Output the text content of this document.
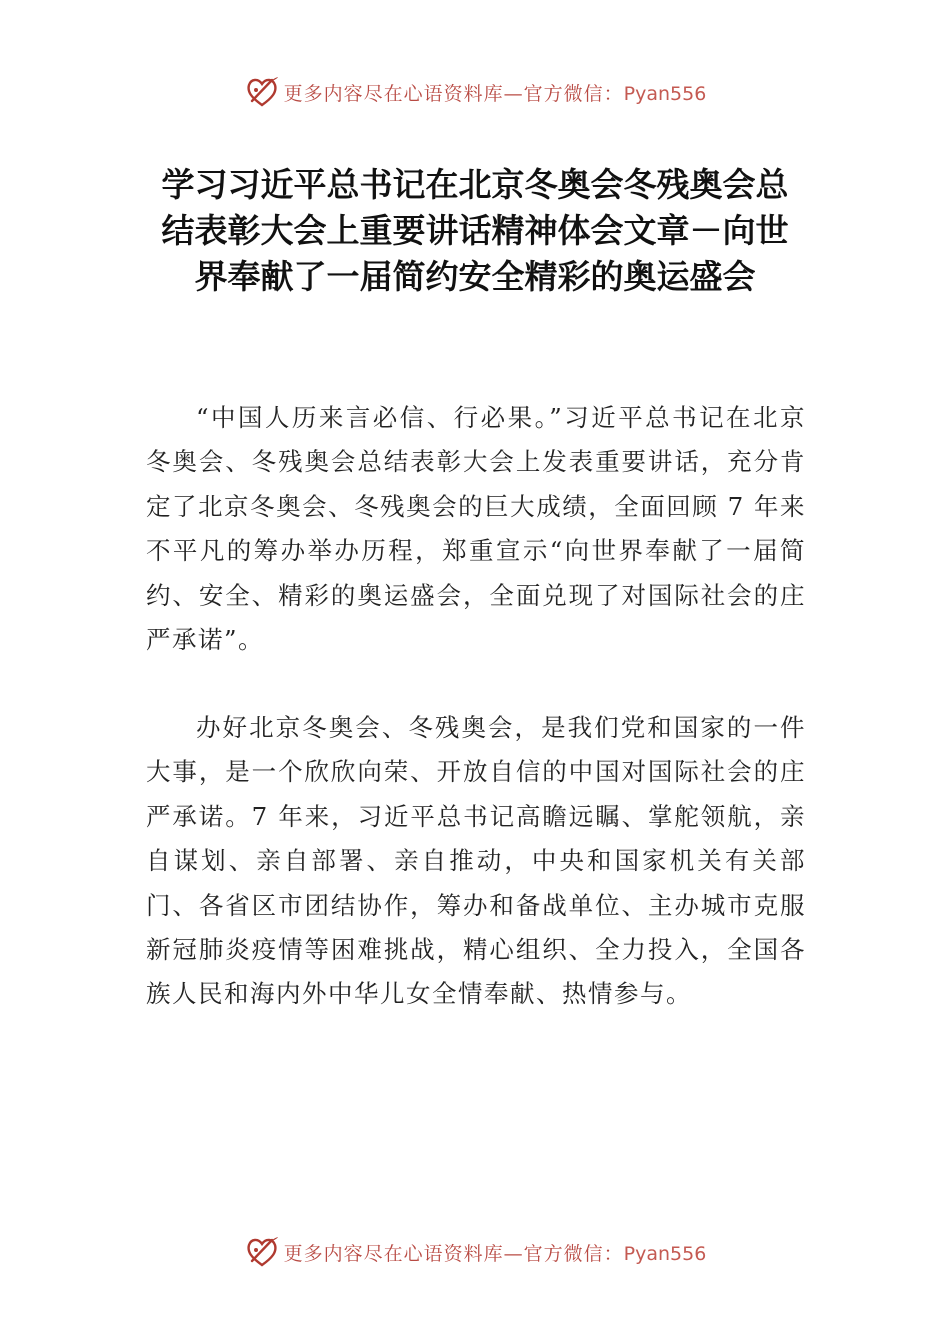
更多内容尽在心语资料库—官方微信：Pyan556
学习习近平总书记在北京冬奥会冬残奥会总结表彰大会上重要讲话精神体会文章－向世界奉献了一届简约安全精彩的奥运盛会

“中国人历来言必信、行必果。”习近平总书记在北京冬奥会、冬残奥会总结表彰大会上发表重要讲话，充分肯定了北京冬奥会、冬残奥会的巨大成绩，全面回顾 7 年来不平凡的筹办举办历程，郑重宣示“向世界奉献了一届简约、安全、精彩的奥运盛会，全面兑现了对国际社会的庄严承诺”。

办好北京冬奥会、冬残奥会，是我们党和国家的一件大事，是一个欣欣向荣、开放自信的中国对国际社会的庄严承诺。7 年来，习近平总书记高瞻远瞩、掌舵领航，亲自谋划、亲自部署、亲自推动，中央和国家机关有关部门、各省区市团结协作，筹办和备战单位、主办城市克服新冠肺炎疫情等困难挑战，精心组织、全力投入，全国各族人民和海内外中华儿女全情奉献、热情参与。

更多内容尽在心语资料库—官方微信：Pyan556
